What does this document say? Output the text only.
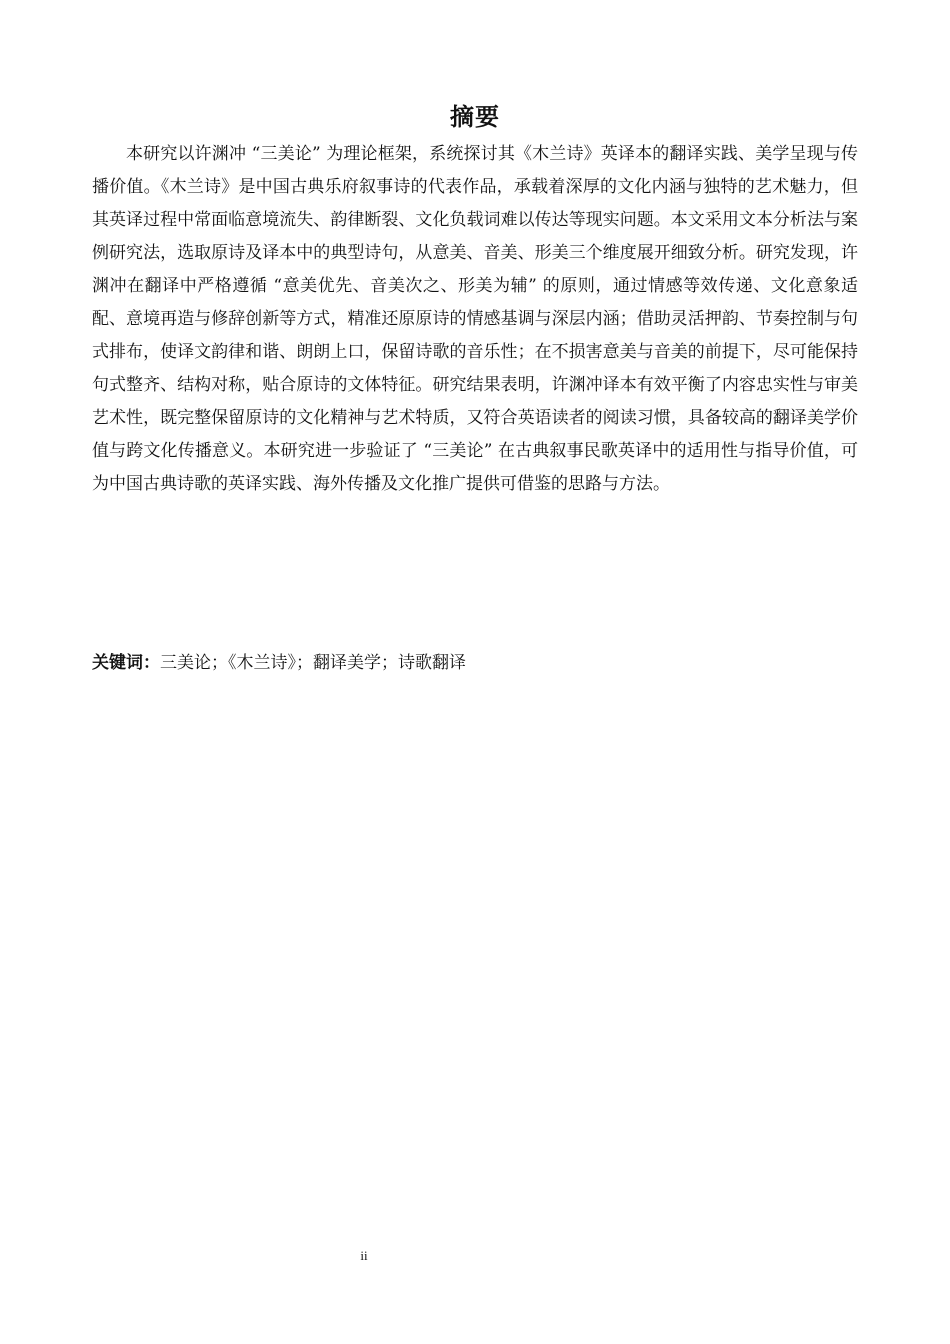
摘要

本研究以许渊冲 “三美论” 为理论框架，系统探讨其《木兰诗》英译本的翻译实践、美学呈现与传播价值。《木兰诗》是中国古典乐府叙事诗的代表作品，承载着深厚的文化内涵与独特的艺术魅力，但其英译过程中常面临意境流失、韵律断裂、文化负载词难以传达等现实问题。本文采用文本分析法与案例研究法，选取原诗及译本中的典型诗句，从意美、音美、形美三个维度展开细致分析。研究发现，许渊冲在翻译中严格遵循 “意美优先、音美次之、形美为辅” 的原则，通过情感等效传递、文化意象适配、意境再造与修辞创新等方式，精准还原原诗的情感基调与深层内涵；借助灵活押韵、节奏控制与句式排布，使译文韵律和谐、朗朗上口，保留诗歌的音乐性；在不损害意美与音美的前提下，尽可能保持句式整齐、结构对称，贴合原诗的文体特征。研究结果表明，许渊冲译本有效平衡了内容忠实性与审美艺术性，既完整保留原诗的文化精神与艺术特质，又符合英语读者的阅读习惯，具备较高的翻译美学价值与跨文化传播意义。本研究进一步验证了 “三美论” 在古典叙事民歌英译中的适用性与指导价值，可为中国古典诗歌的英译实践、海外传播及文化推广提供可借鉴的思路与方法。

关键词：三美论；《木兰诗》；翻译美学；诗歌翻译

ii
